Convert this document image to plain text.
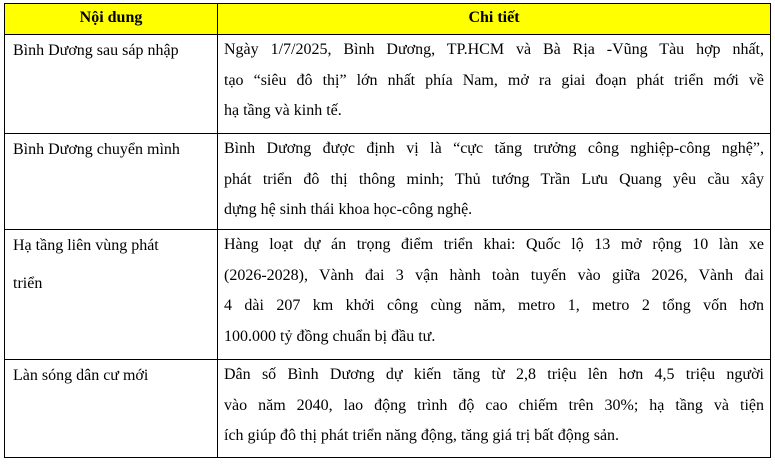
Nội dung	Chi tiết
Bình Dương sau sáp nhập	Ngày 1/7/2025, Bình Dương, TP.HCM và Bà Rịa -Vũng Tàu hợp nhất,
tạo “siêu đô thị” lớn nhất phía Nam, mở ra giai đoạn phát triển mới về
hạ tầng và kinh tế.

Bình Dương chuyển mình	Bình Dương được định vị là “cực tăng trưởng công nghiệp-công nghệ”,
phát triển đô thị thông minh; Thủ tướng Trần Lưu Quang yêu cầu xây
dựng hệ sinh thái khoa học-công nghệ.

Hạ tầng liên vùng phát
triển	Hàng loạt dự án trọng điểm triển khai: Quốc lộ 13 mở rộng 10 làn xe
(2026-2028), Vành đai 3 vận hành toàn tuyến vào giữa 2026, Vành đai
4 dài 207 km khởi công cùng năm, metro 1, metro 2 tổng vốn hơn
100.000 tỷ đồng chuẩn bị đầu tư.

Làn sóng dân cư mới	Dân số Bình Dương dự kiến tăng từ 2,8 triệu lên hơn 4,5 triệu người
vào năm 2040, lao động trình độ cao chiếm trên 30%; hạ tầng và tiện
ích giúp đô thị phát triển năng động, tăng giá trị bất động sản.
